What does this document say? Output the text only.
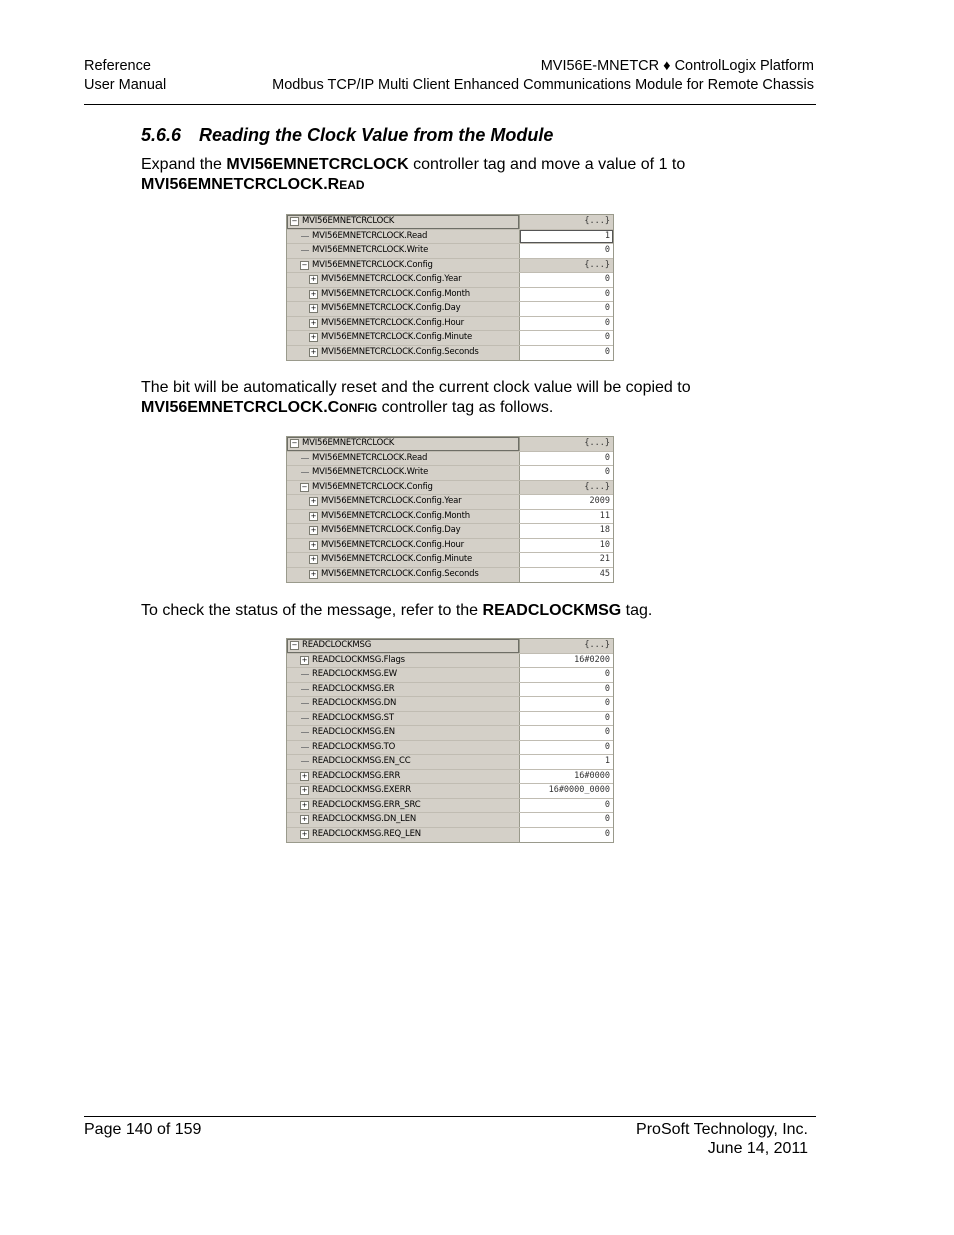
Reference
User Manual
MVI56E-MNETCR ♦ ControlLogix Platform
Modbus TCP/IP Multi Client Enhanced Communications Module for Remote Chassis
5.6.6 Reading the Clock Value from the Module
Expand the MVI56EMNETCRCLOCK controller tag and move a value of 1 to
MVI56EMNETCRCLOCK.READ
− MVI56EMNETCRCLOCK	{...}
MVI56EMNETCRCLOCK.Read	1
MVI56EMNETCRCLOCK.Write	0
− MVI56EMNETCRCLOCK.Config	{...}
+ MVI56EMNETCRCLOCK.Config.Year	0
+ MVI56EMNETCRCLOCK.Config.Month	0
+ MVI56EMNETCRCLOCK.Config.Day	0
+ MVI56EMNETCRCLOCK.Config.Hour	0
+ MVI56EMNETCRCLOCK.Config.Minute	0
+ MVI56EMNETCRCLOCK.Config.Seconds	0
The bit will be automatically reset and the current clock value will be copied to
MVI56EMNETCRCLOCK.CONFIG controller tag as follows.
− MVI56EMNETCRCLOCK	{...}
MVI56EMNETCRCLOCK.Read	0
MVI56EMNETCRCLOCK.Write	0
− MVI56EMNETCRCLOCK.Config	{...}
+ MVI56EMNETCRCLOCK.Config.Year	2009
+ MVI56EMNETCRCLOCK.Config.Month	11
+ MVI56EMNETCRCLOCK.Config.Day	18
+ MVI56EMNETCRCLOCK.Config.Hour	10
+ MVI56EMNETCRCLOCK.Config.Minute	21
+ MVI56EMNETCRCLOCK.Config.Seconds	45
To check the status of the message, refer to the READCLOCKMSG tag.
− READCLOCKMSG	{...}
+ READCLOCKMSG.Flags	16#0200
READCLOCKMSG.EW	0
READCLOCKMSG.ER	0
READCLOCKMSG.DN	0
READCLOCKMSG.ST	0
READCLOCKMSG.EN	0
READCLOCKMSG.TO	0
READCLOCKMSG.EN_CC	1
+ READCLOCKMSG.ERR	16#0000
+ READCLOCKMSG.EXERR	16#0000_0000
+ READCLOCKMSG.ERR_SRC	0
+ READCLOCKMSG.DN_LEN	0
+ READCLOCKMSG.REQ_LEN	0
Page 140 of 159	ProSoft Technology, Inc.
June 14, 2011
